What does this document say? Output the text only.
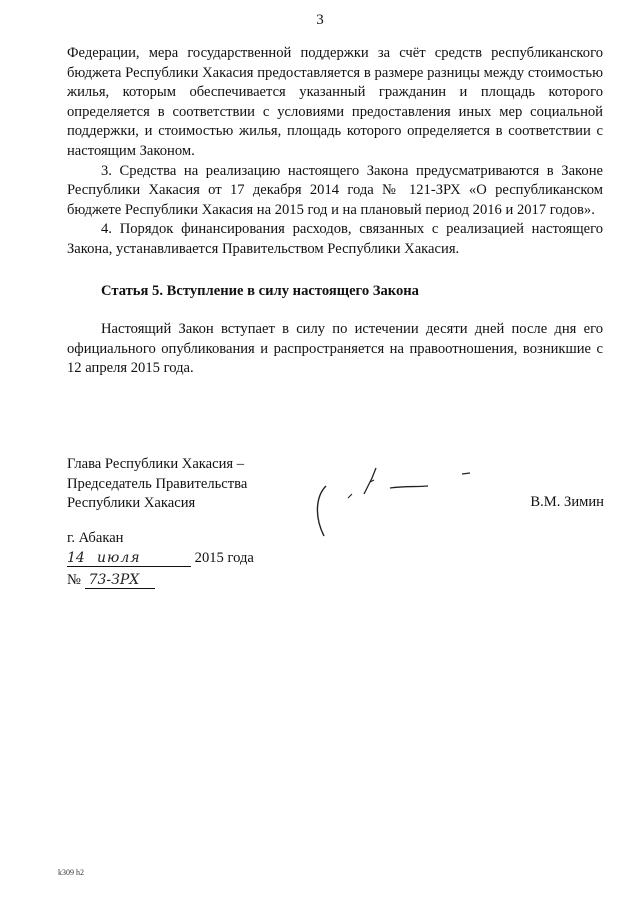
3

Федерации, мера государственной поддержки за счёт средств республиканского бюджета Республики Хакасия предоставляется в размере разницы между стоимостью жилья, которым обеспечивается указанный гражданин и площадь которого определяется в соответствии с условиями предоставления иных мер социальной поддержки, и стоимостью жилья, площадь которого определяется в соответствии с настоящим Законом.

3. Средства на реализацию настоящего Закона предусматриваются в Законе Республики Хакасия от 17 декабря 2014 года № 121-ЗРХ «О республиканском бюджете Республики Хакасия на 2015 год и на плановый период 2016 и 2017 годов».

4. Порядок финансирования расходов, связанных с реализацией настоящего Закона, устанавливается Правительством Республики Хакасия.

Статья 5. Вступление в силу настоящего Закона

Настоящий Закон вступает в силу по истечении десяти дней после дня его официального опубликования и распространяется на правоотношения, возникшие с 12 апреля 2015 года.

Глава Республики Хакасия –
Председатель Правительства
Республики Хакасия	В.М. Зимин
г. Абакан
14 июля	2015 года
№ 73-ЗРХ
k309 h2
